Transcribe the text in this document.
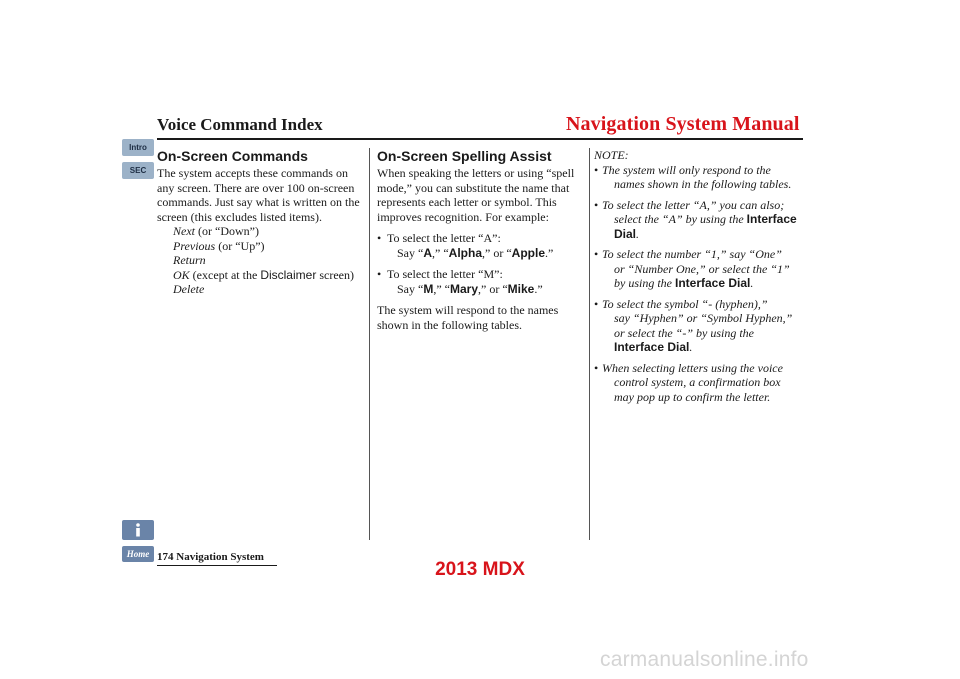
Voice Command Index	Navigation System Manual
Intro
SEC
On-Screen Commands

The system accepts these commands on any screen. There are over 100 on-screen commands. Just say what is written on the screen (this excludes listed items).

Next (or “Down”)
Previous (or “Up”)
Return
OK (except at the Disclaimer screen)
Delete
On-Screen Spelling Assist

When speaking the letters or using “spell mode,” you can substitute the name that represents each letter or symbol. This improves recognition. For example:

• To select the letter “A”:
Say “A,” “Alpha,” or “Apple.”
• To select the letter “M”:
Say “M,” “Mary,” or “Mike.”

The system will respond to the names shown in the following tables.

NOTE:
• The system will only respond to the
names shown in the following tables.
• To select the letter “A,” you can also;
select the “A” by using the Interface Dial.
• To select the number “1,” say “One”
or “Number One,” or select the “1”
by using the Interface Dial.
• To select the symbol “- (hyphen),”
say “Hyphen” or “Symbol Hyphen,”
or select the “-” by using the
Interface Dial.
• When selecting letters using the voice
control system, a confirmation box
may pop up to confirm the letter.
Home 174 Navigation System
2013 MDX
carmanualsonline.info
